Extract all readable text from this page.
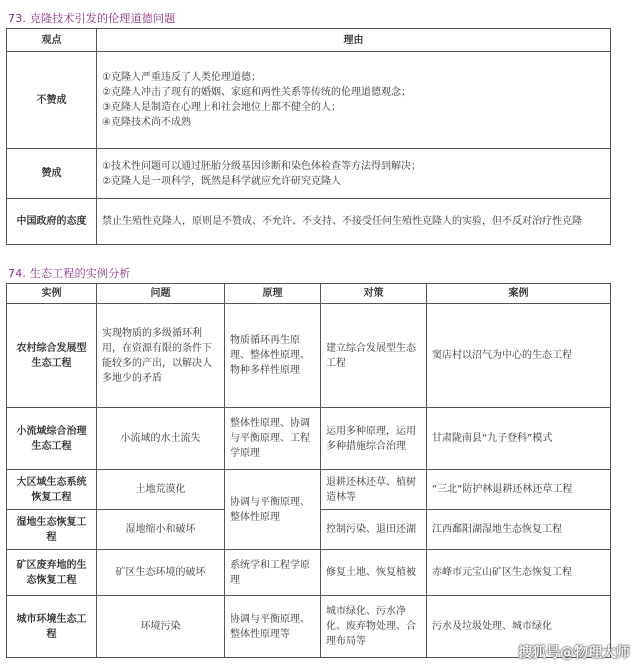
73. 克隆技术引发的伦理道德问题
观点	理由
不赞成	①克隆人严重违反了人类伦理道德；
②克隆人冲击了现有的婚姻、家庭和两性关系等传统的伦理道德观念；
③克隆人是制造在心理上和社会地位上都不健全的人；
④克隆技术尚不成熟

赞成	①技术性问题可以通过胚胎分级基因诊断和染色体检查等方法得到解决；
②克隆人是一项科学，既然是科学就应允许研究克隆人

中国政府的态度	禁止生殖性克隆人，原则是不赞成、不允许、不支持、不接受任何生殖性克隆人的实验，但不反对治疗性克隆
74. 生态工程的实例分析
实例	问题	原理	对策	案例
农村综合发展型生态工程	实现物质的多级循环利用，在资源有限的条件下能较多的产出，以解决人多地少的矛盾	物质循环再生原理、整体性原理、物种多样性原理	建立综合发展型生态工程	窦店村以沼气为中心的生态工程
小流域综合治理生态工程	小流域的水土流失	整体性原理、协调与平衡原理、工程学原理	运用多种原理，运用多种措施综合治理	甘肃陇南县“九子登科”模式
大区域生态系统恢复工程	土地荒漠化	协调与平衡原理、整体性原理	退耕还林还草、植树造林等	“三北”防护林退耕还林还草工程
湿地生态恢复工程	湿地缩小和破坏		控制污染、退田还湖	江西鄱阳湖湿地生态恢复工程
矿区废弃地的生态恢复工程	矿区生态环境的破坏	系统学和工程学原理	修复土地、恢复植被	赤峰市元宝山矿区生态恢复工程
城市环境生态工程	环境污染	协调与平衡原理、整体性原理等	城市绿化、污水净化、废弃物处理、合理布局等	污水及垃圾处理、城市绿化
搜狐号@物理大师
